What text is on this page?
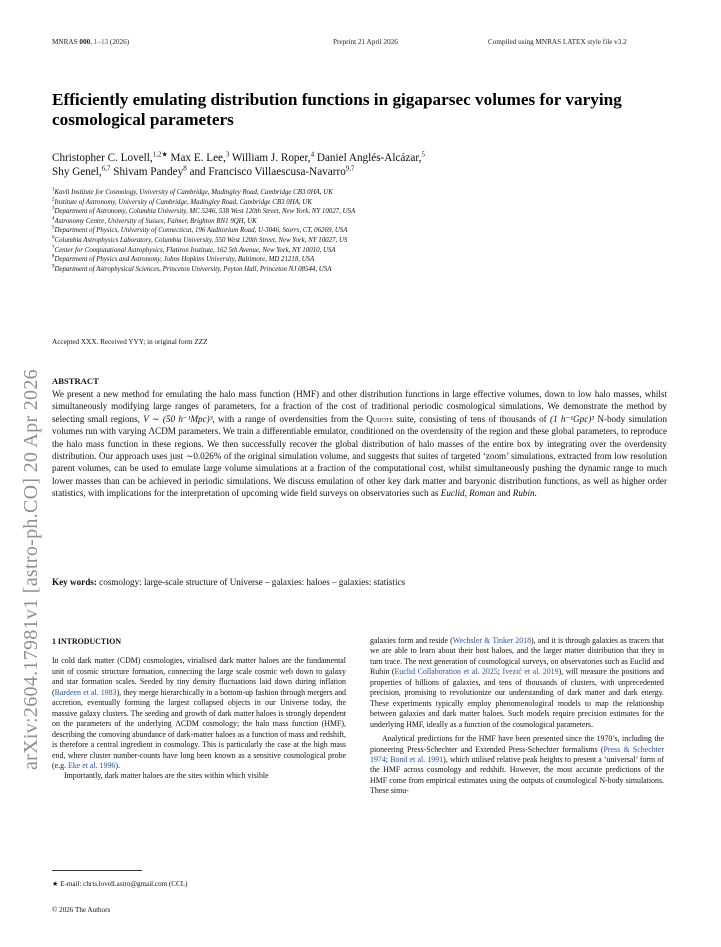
MNRAS 000, 1–13 (2026)	Preprint 21 April 2026	Compiled using MNRAS LATEX style file v3.2
arXiv:2604.17981v1 [astro-ph.CO] 20 Apr 2026
Efficiently emulating distribution functions in gigaparsec volumes for varying cosmological parameters
Christopher C. Lovell,$^{1,2★}$ Max E. Lee,$^3$ William J. Roper,$^4$ Daniel Anglés-Alcázar,$^5$
Shy Genel,$^{6,7}$ Shivam Pandey$^8$ and Francisco Villaescusa-Navarro$^{9,7}$
$^1$Kavli Institute for Cosmology, University of Cambridge, Madingley Road, Cambridge CB3 0HA, UK
$^2$Institute of Astronomy, University of Cambridge, Madingley Road, Cambridge CB3 0HA, UK
$^3$Department of Astronomy, Columbia University, MC 5246, 538 West 120th Street, New York, NY 10027, USA
$^4$Astronomy Centre, University of Sussex, Falmer, Brighton BN1 9QH, UK
$^5$Department of Physics, University of Connecticut, 196 Auditorium Road, U-3046, Storrs, CT, 06269, USA
$^6$Columbia Astrophysics Laboratory, Columbia University, 550 West 120th Street, New York, NY 10027, US
$^7$Center for Computational Astrophysics, Flatiron Institute, 162 5th Avenue, New York, NY 10010, USA
$^8$Department of Physics and Astronomy, Johns Hopkins University, Baltimore, MD 21218, USA
$^9$Department of Astrophysical Sciences, Princeton University, Peyton Hall, Princeton NJ 08544, USA
Accepted XXX. Received YYY; in original form ZZZ
ABSTRACT
We present a new method for emulating the halo mass function (HMF) and other distribution functions in large effective volumes, down to low halo masses, whilst simultaneously modifying large ranges of parameters, for a fraction of the cost of traditional periodic cosmological simulations. We demonstrate the method by selecting small regions, V ∼ (50 h⁻¹Mpc)³, with a range of overdensities from the Quijote suite, consisting of tens of thousands of (1 h⁻¹Gpc)³ N-body simulation volumes run with varying ΛCDM parameters. We train a differentiable emulator, conditioned on the overdensity of the region and these global parameters, to reproduce the halo mass function in these regions. We then successfully recover the global distribution of halo masses of the entire box by integrating over the overdensity distribution. Our approach uses just ∼0.026% of the original simulation volume, and suggests that suites of targeted ‘zoom’ simulations, extracted from low resolution parent volumes, can be used to emulate large volume simulations at a fraction of the computational cost, whilst simultaneously pushing the dynamic range to much lower masses than can be achieved in periodic simulations. We discuss emulation of other key dark matter and baryonic distribution functions, as well as higher order statistics, with implications for the interpretation of upcoming wide field surveys on observatories such as Euclid, Roman and Rubin.
Key words: cosmology: large-scale structure of Universe – galaxies: haloes – galaxies: statistics
1 INTRODUCTION

In cold dark matter (CDM) cosmologies, virialised dark matter haloes are the fundamental unit of cosmic structure formation, connecting the large scale cosmic web down to galaxy and star formation scales. Seeded by tiny density fluctuations laid down during inflation (Bardeen et al. 1983), they merge hierarchically in a bottom-up fashion through mergers and accretion, eventually forming the largest collapsed objects in our Universe today, the massive galaxy clusters. The seeding and growth of dark matter haloes is strongly dependent on the parameters of the underlying ΛCDM cosmology; the halo mass function (HMF), describing the comoving abundance of dark-matter haloes as a function of mass and redshift, is therefore a central ingredient in cosmology. This is particularly the case at the high mass end, where cluster number-counts have long been known as a sensitive cosmological probe (e.g. Eke et al. 1996).

Importantly, dark matter haloes are the sites within which visible

galaxies form and reside (Wechsler & Tinker 2018), and it is through galaxies as tracers that we are able to learn about their host haloes, and the larger matter distribution that they in turn trace. The next generation of cosmological surveys, on observatories such as Euclid and Rubin (Euclid Collaboration et al. 2025; Ivezić et al. 2019), will measure the positions and properties of billions of galaxies, and tens of thousands of clusters, with unprecedented precision, promising to revolutionize our understanding of dark matter and dark energy. These experiments typically employ phenomenological models to map the relationship between galaxies and dark matter haloes. Such models require precision estimates for the underlying HMF, ideally as a function of the cosmological parameters.

Analytical predictions for the HMF have been presented since the 1970’s, including the pioneering Press-Schechter and Extended Press-Schechter formalisms (Press & Schechter 1974; Bond et al. 1991), which utilised relative peak heights to present a ‘universal’ form of the HMF across cosmology and redshift. However, the most accurate predictions of the HMF come from empirical estimates using the outputs of cosmological N-body simulations. These simu-

★ E-mail: chris.lovell.astro@gmail.com (CCL)
© 2026 The Authors
